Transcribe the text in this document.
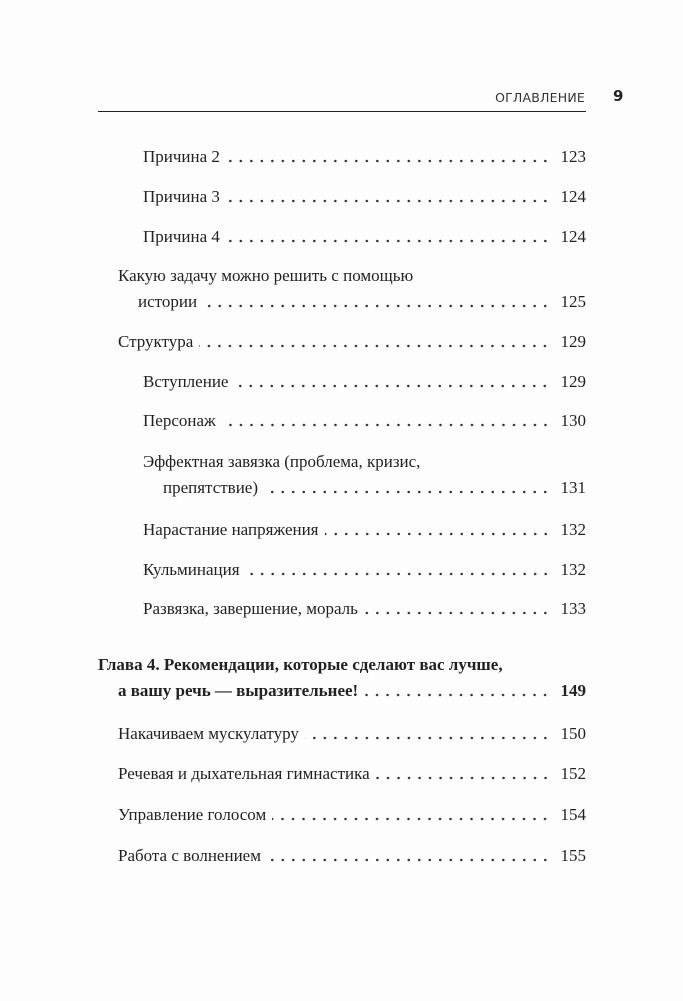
ОГЛАВЛЕНИЕ 9
Причина 2	123
Причина 3	124
Причина 4	124
Какую задачу можно решить с помощью
истории	125
Структура	129
Вступление	129
Персонаж	130
Эффектная завязка (проблема, кризис,
препятствие)	131
Нарастание напряжения	132
Кульминация	132
Развязка, завершение, мораль	133
Глава 4. Рекомендации, которые сделают вас лучше,
а вашу речь — выразительнее!	149
Накачиваем мускулатуру	150
Речевая и дыхательная гимнастика	152
Управление голосом	154
Работа с волнением	155
